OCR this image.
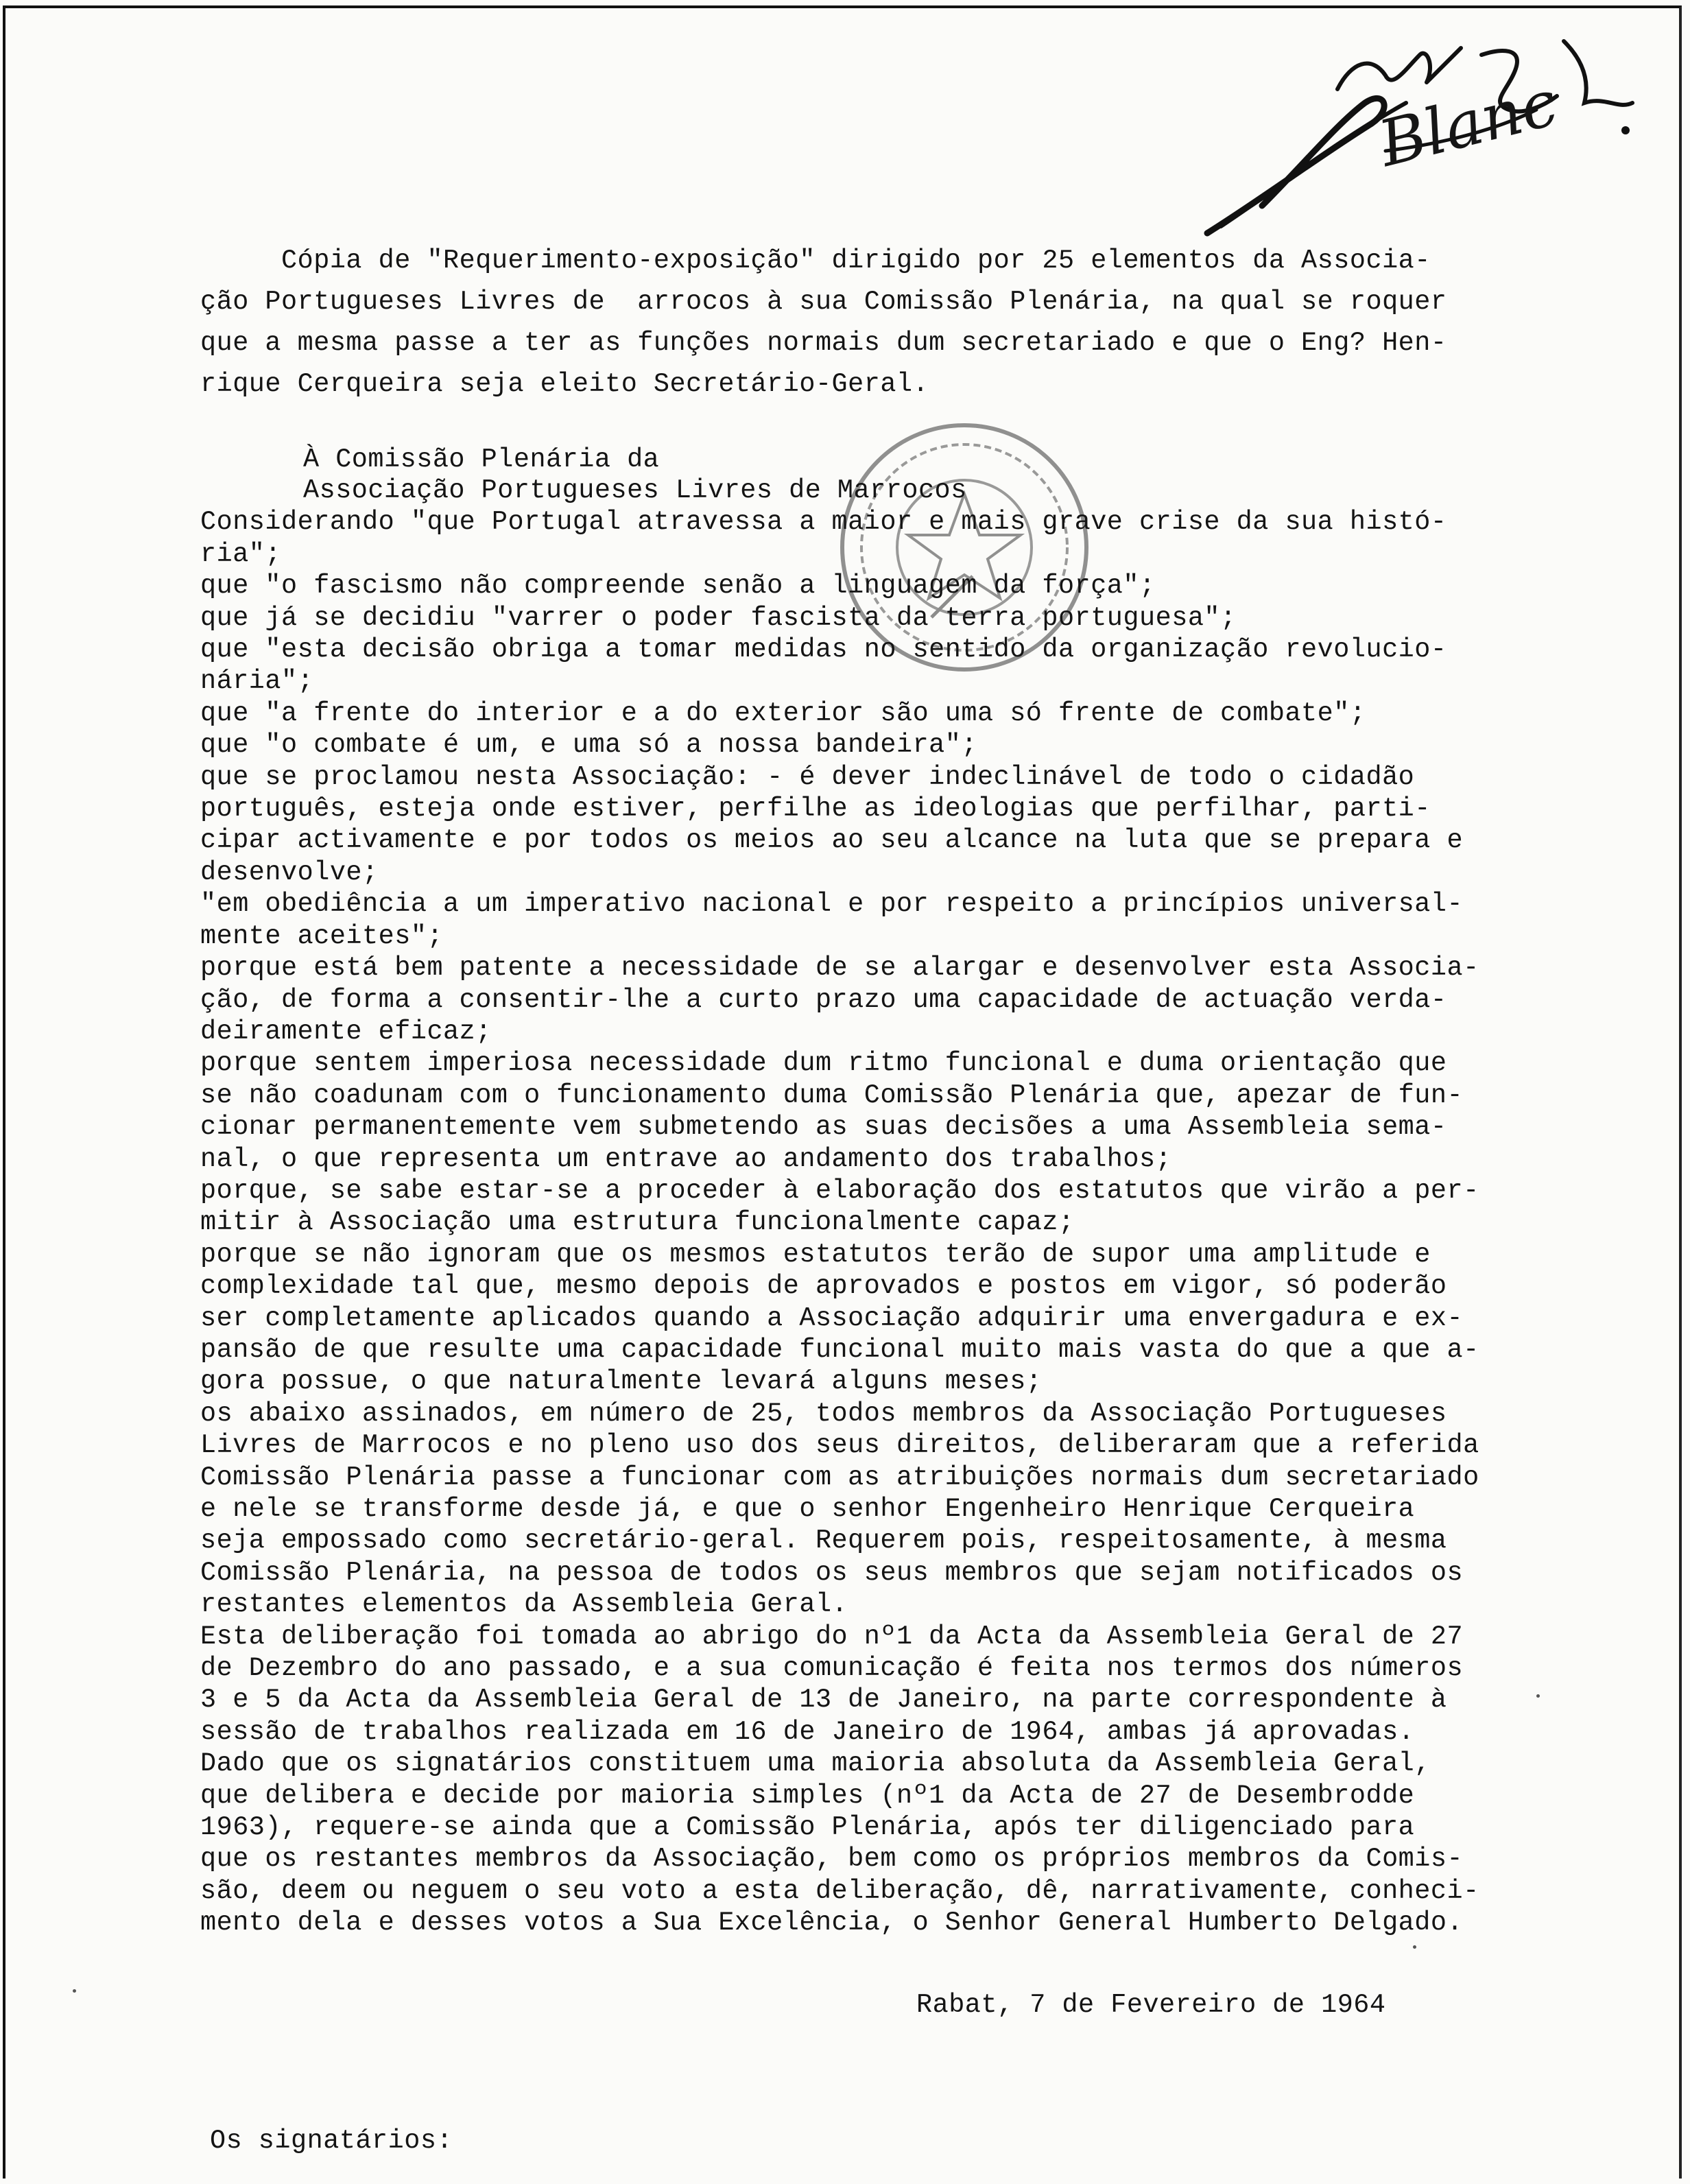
Blanc

Cópia de "Requerimento-exposição" dirigido por 25 elementos da Associa-
ção Portugueses Livres de  arrocos à sua Comissão Plenária, na qual se roquer
que a mesma passe a ter as funções normais dum secretariado e que o Eng? Hen-
rique Cerqueira seja eleito Secretário-Geral.
À Comissão Plenária da
Associação Portugueses Livres de Marrocos
Considerando "que Portugal atravessa a maior e mais grave crise da sua histó-
ria";
que "o fascismo não compreende senão a linguagem da força";
que já se decidiu "varrer o poder fascista da terra portuguesa";
que "esta decisão obriga a tomar medidas no sentido da organização revolucio-
nária";
que "a frente do interior e a do exterior são uma só frente de combate";
que "o combate é um, e uma só a nossa bandeira";
que se proclamou nesta Associação: - é dever indeclinável de todo o cidadão
português, esteja onde estiver, perfilhe as ideologias que perfilhar, parti-
cipar activamente e por todos os meios ao seu alcance na luta que se prepara e
desenvolve;
"em obediência a um imperativo nacional e por respeito a princípios universal-
mente aceites";
porque está bem patente a necessidade de se alargar e desenvolver esta Associa-
ção, de forma a consentir-lhe a curto prazo uma capacidade de actuação verda-
deiramente eficaz;
porque sentem imperiosa necessidade dum ritmo funcional e duma orientação que
se não coadunam com o funcionamento duma Comissão Plenária que, apezar de fun-
cionar permanentemente vem submetendo as suas decisões a uma Assembleia sema-
nal, o que representa um entrave ao andamento dos trabalhos;
porque, se sabe estar-se a proceder à elaboração dos estatutos que virão a per-
mitir à Associação uma estrutura funcionalmente capaz;
porque se não ignoram que os mesmos estatutos terão de supor uma amplitude e
complexidade tal que, mesmo depois de aprovados e postos em vigor, só poderão
ser completamente aplicados quando a Associação adquirir uma envergadura e ex-
pansão de que resulte uma capacidade funcional muito mais vasta do que a que a-
gora possue, o que naturalmente levará alguns meses;
os abaixo assinados, em número de 25, todos membros da Associação Portugueses
Livres de Marrocos e no pleno uso dos seus direitos, deliberaram que a referida
Comissão Plenária passe a funcionar com as atribuições normais dum secretariado
e nele se transforme desde já, e que o senhor Engenheiro Henrique Cerqueira
seja empossado como secretário-geral. Requerem pois, respeitosamente, à mesma
Comissão Plenária, na pessoa de todos os seus membros que sejam notificados os
restantes elementos da Assembleia Geral.
Esta deliberação foi tomada ao abrigo do nº1 da Acta da Assembleia Geral de 27
de Dezembro do ano passado, e a sua comunicação é feita nos termos dos números
3 e 5 da Acta da Assembleia Geral de 13 de Janeiro, na parte correspondente à
sessão de trabalhos realizada em 16 de Janeiro de 1964, ambas já aprovadas.
Dado que os signatários constituem uma maioria absoluta da Assembleia Geral,
que delibera e decide por maioria simples (nº1 da Acta de 27 de Desembrodde
1963), requere-se ainda que a Comissão Plenária, após ter diligenciado para
que os restantes membros da Associação, bem como os próprios membros da Comis-
são, deem ou neguem o seu voto a esta deliberação, dê, narrativamente, conheci-
mento dela e desses votos a Sua Excelência, o Senhor General Humberto Delgado.
Rabat, 7 de Fevereiro de 1964
Os signatários:
